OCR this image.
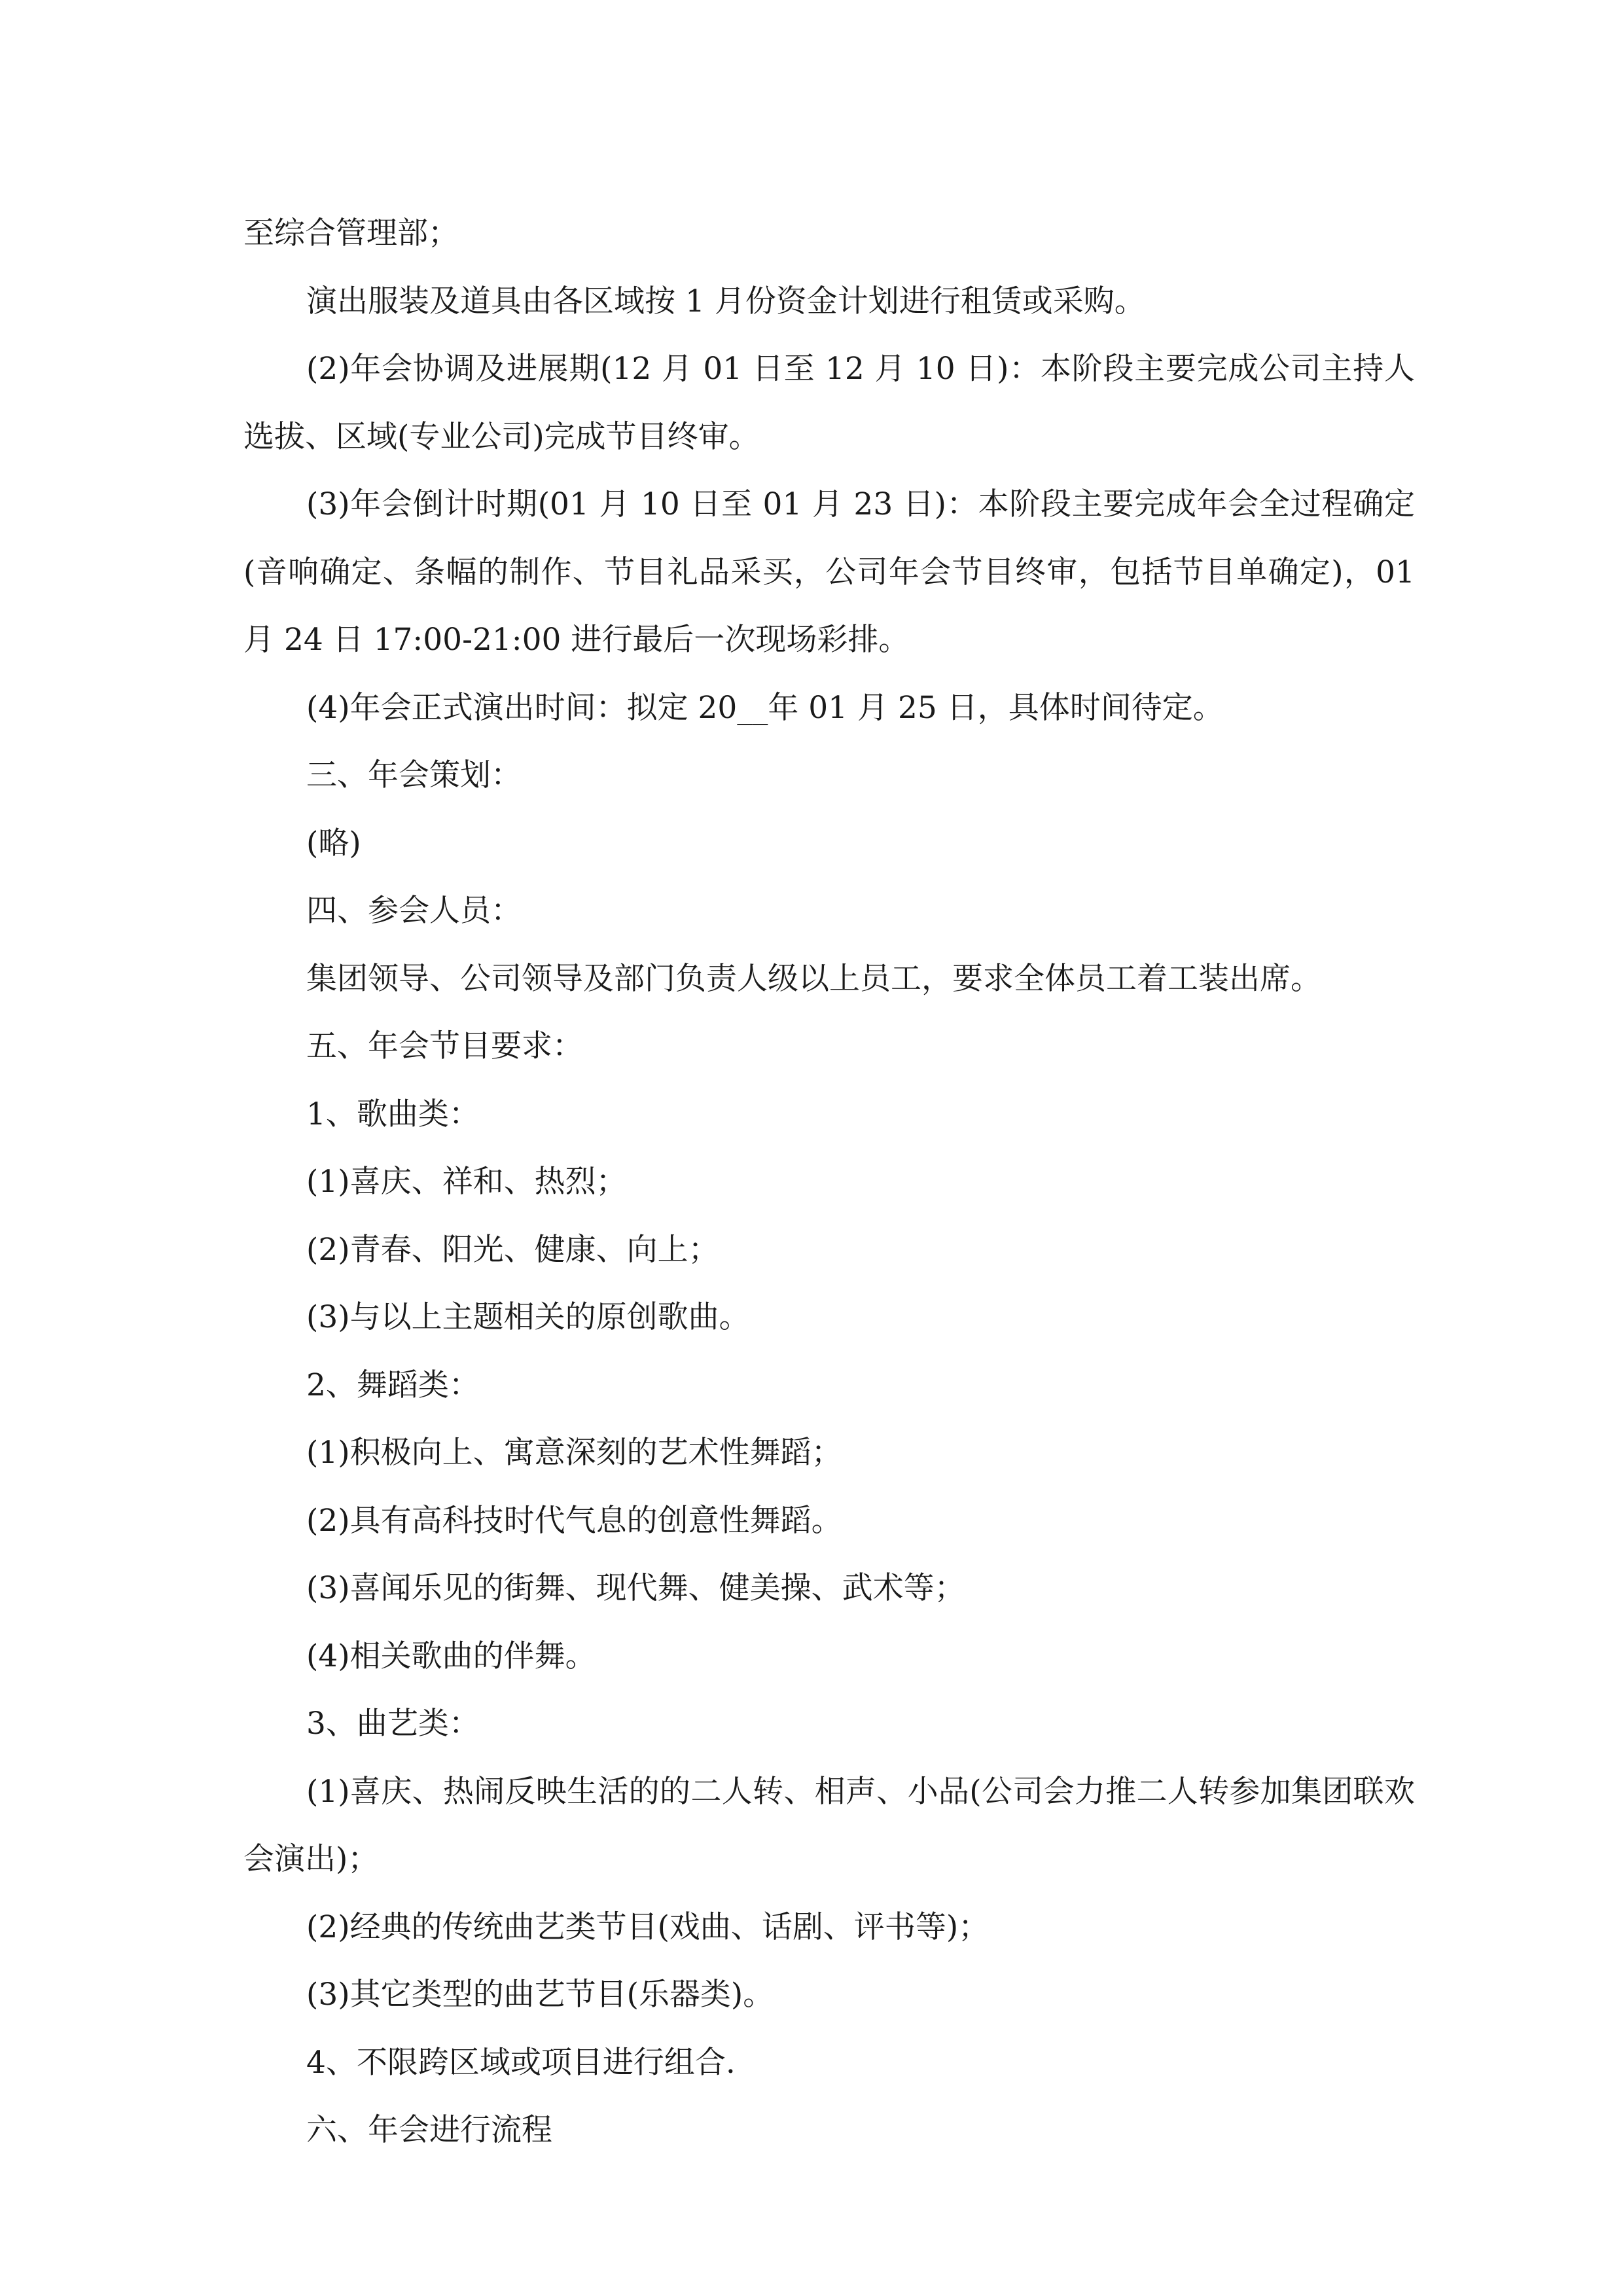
至综合管理部；

演出服装及道具由各区域按 1 月份资金计划进行租赁或采购。

(2)年会协调及进展期(12 月 01 日至 12 月 10 日)：本阶段主要完成公司主持人选拔、区域(专业公司)完成节目终审。

(3)年会倒计时期(01 月 10 日至 01 月 23 日)：本阶段主要完成年会全过程确定(音响确定、条幅的制作、节目礼品采买，公司年会节目终审，包括节目单确定)，01 月 24 日 17:00-21:00 进行最后一次现场彩排。

(4)年会正式演出时间：拟定 20__年 01 月 25 日，具体时间待定。

三、年会策划：

(略)

四、参会人员：

集团领导、公司领导及部门负责人级以上员工，要求全体员工着工装出席。

五、年会节目要求：

1、歌曲类：

(1)喜庆、祥和、热烈；

(2)青春、阳光、健康、向上；

(3)与以上主题相关的原创歌曲。

2、舞蹈类：

(1)积极向上、寓意深刻的艺术性舞蹈；

(2)具有高科技时代气息的创意性舞蹈。

(3)喜闻乐见的街舞、现代舞、健美操、武术等；

(4)相关歌曲的伴舞。

3、曲艺类：

(1)喜庆、热闹反映生活的的二人转、相声、小品(公司会力推二人转参加集团联欢会演出)；

(2)经典的传统曲艺类节目(戏曲、话剧、评书等)；

(3)其它类型的曲艺节目(乐器类)。

4、不限跨区域或项目进行组合.

六、年会进行流程
